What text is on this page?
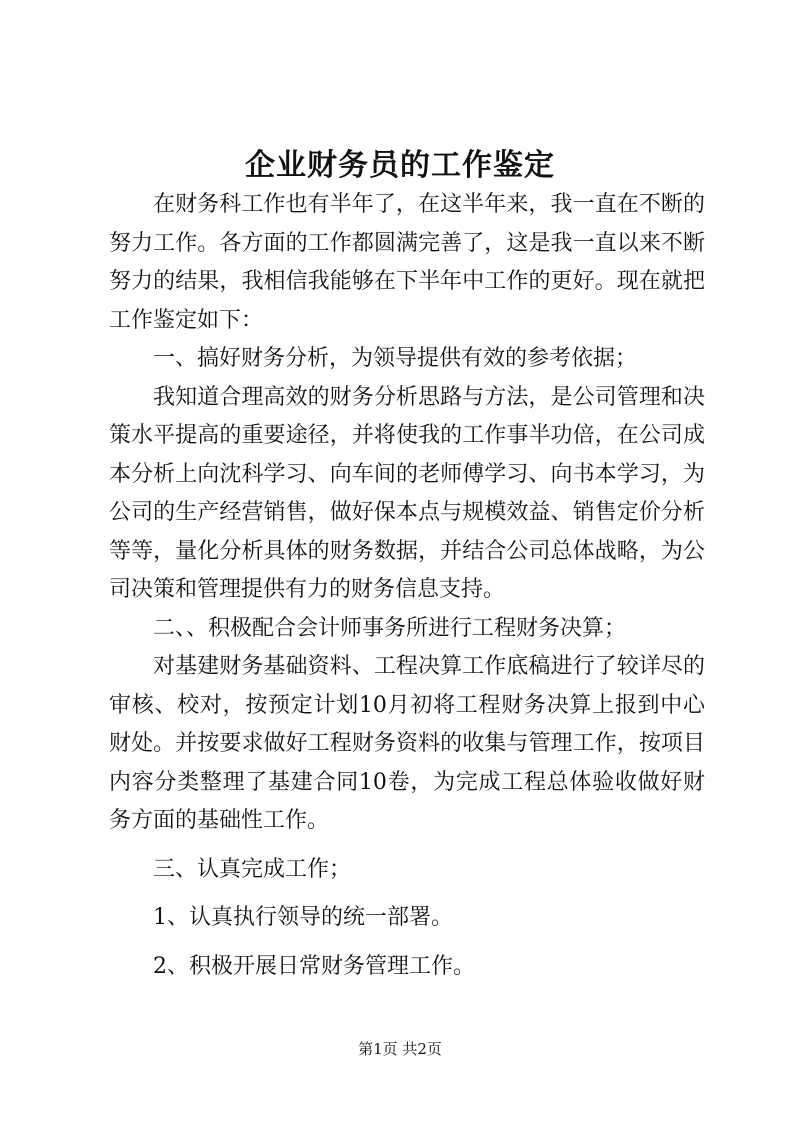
企业财务员的工作鉴定

在财务科工作也有半年了，在这半年来，我一直在不断的努力工作。各方面的工作都圆满完善了，这是我一直以来不断努力的结果，我相信我能够在下半年中工作的更好。现在就把工作鉴定如下：

一、搞好财务分析，为领导提供有效的参考依据；

我知道合理高效的财务分析思路与方法，是公司管理和决策水平提高的重要途径，并将使我的工作事半功倍，在公司成本分析上向沈科学习、向车间的老师傅学习、向书本学习，为公司的生产经营销售，做好保本点与规模效益、销售定价分析等等，量化分析具体的财务数据，并结合公司总体战略，为公司决策和管理提供有力的财务信息支持。

二、、积极配合会计师事务所进行工程财务决算；

对基建财务基础资料、工程决算工作底稿进行了较详尽的审核、校对，按预定计划10月初将工程财务决算上报到中心财处。并按要求做好工程财务资料的收集与管理工作，按项目内容分类整理了基建合同10卷，为完成工程总体验收做好财务方面的基础性工作。

三、认真完成工作；

1、认真执行领导的统一部署。

2、积极开展日常财务管理工作。

第1页 共2页
